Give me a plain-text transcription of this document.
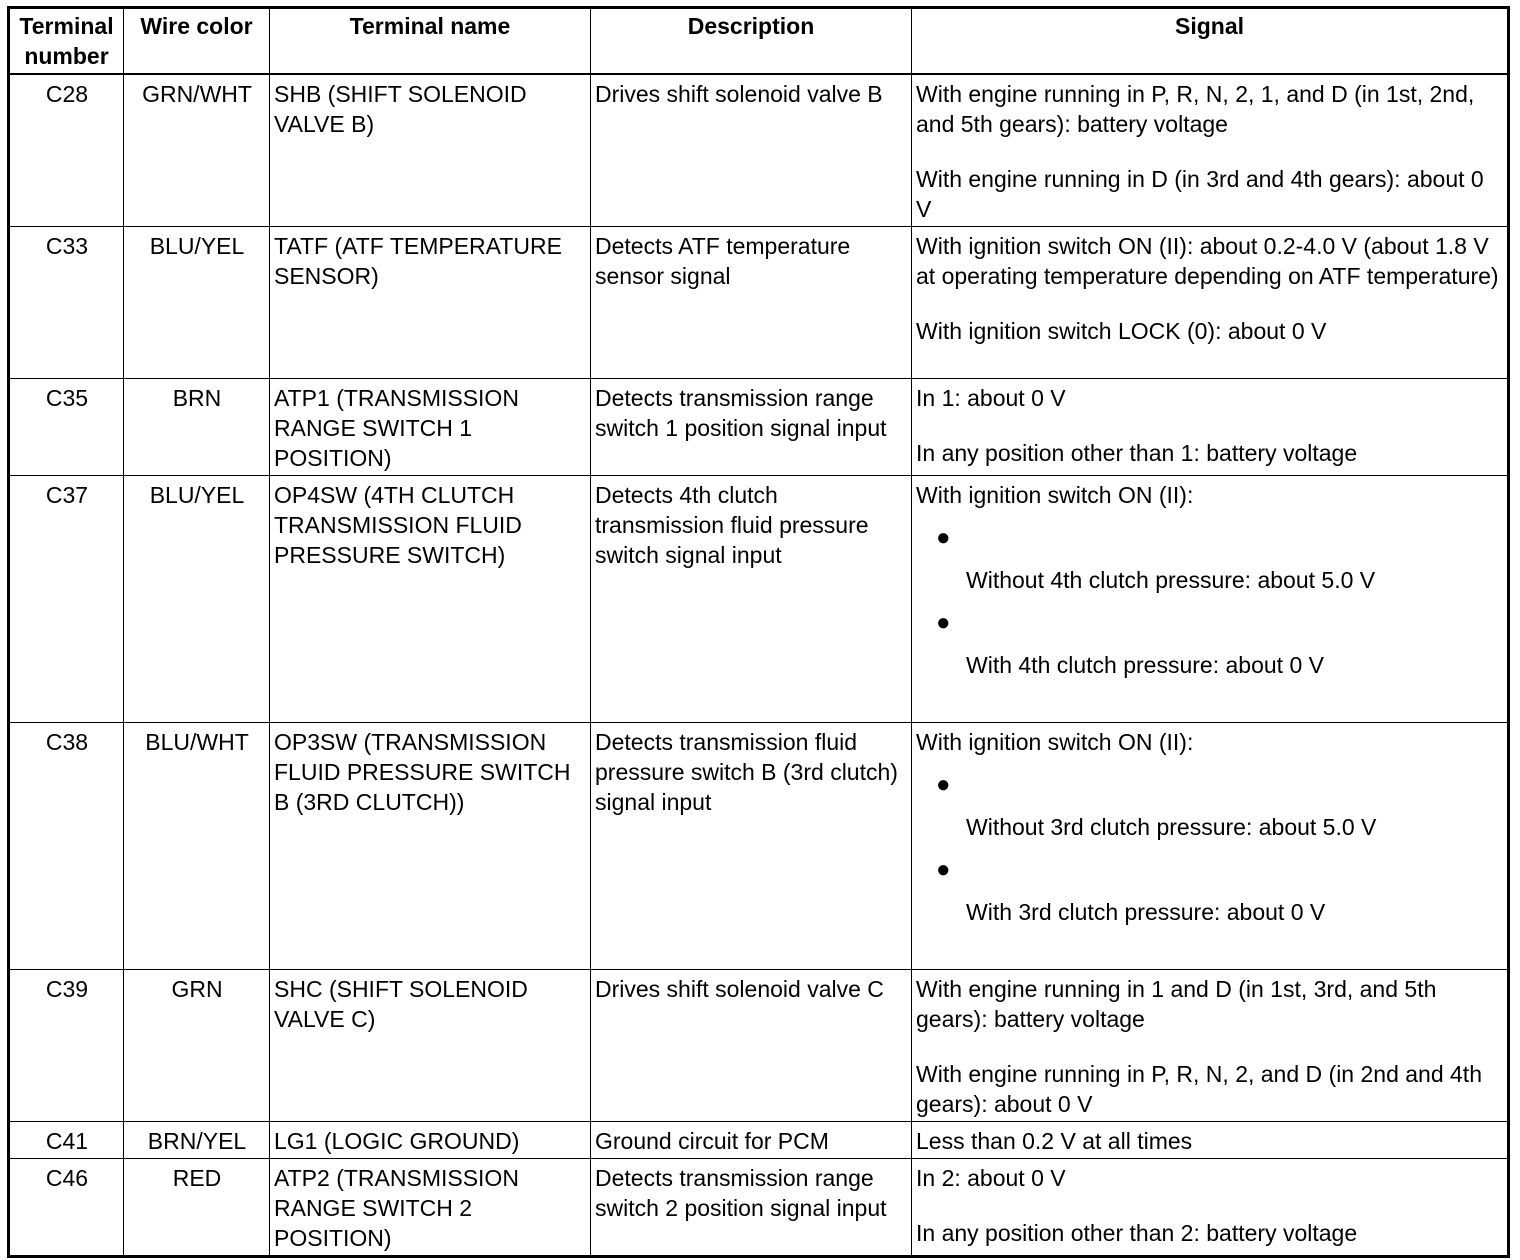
Terminal number	Wire color	Terminal name	Description	Signal
C28	GRN/WHT	SHB (SHIFT SOLENOID VALVE B)	Drives shift solenoid valve B	With engine running in P, R, N, 2, 1, and D (in 1st, 2nd, and 5th gears): battery voltage
With engine running in D (in 3rd and 4th gears): about 0 V

C33	BLU/YEL	TATF (ATF TEMPERATURE SENSOR)	Detects ATF temperature sensor signal	With ignition switch ON (II): about 0.2-4.0 V (about 1.8 V at operating temperature depending on ATF temperature)
With ignition switch LOCK (0): about 0 V

C35	BRN	ATP1 (TRANSMISSION RANGE SWITCH 1 POSITION)	Detects transmission range switch 1 position signal input	In 1: about 0 V
In any position other than 1: battery voltage

C37	BLU/YEL	OP4SW (4TH CLUTCH TRANSMISSION FLUID PRESSURE SWITCH)	Detects 4th clutch transmission fluid pressure switch signal input	With ignition switch ON (II):
●
Without 4th clutch pressure: about 5.0 V
●
With 4th clutch pressure: about 0 V

C38	BLU/WHT	OP3SW (TRANSMISSION FLUID PRESSURE SWITCH B (3RD CLUTCH))	Detects transmission fluid pressure switch B (3rd clutch) signal input	With ignition switch ON (II):
●
Without 3rd clutch pressure: about 5.0 V
●
With 3rd clutch pressure: about 0 V

C39	GRN	SHC (SHIFT SOLENOID VALVE C)	Drives shift solenoid valve C	With engine running in 1 and D (in 1st, 3rd, and 5th gears): battery voltage
With engine running in P, R, N, 2, and D (in 2nd and 4th gears): about 0 V

C41	BRN/YEL	LG1 (LOGIC GROUND)	Ground circuit for PCM	Less than 0.2 V at all times

C46	RED	ATP2 (TRANSMISSION RANGE SWITCH 2 POSITION)	Detects transmission range switch 2 position signal input	In 2: about 0 V
In any position other than 2: battery voltage
